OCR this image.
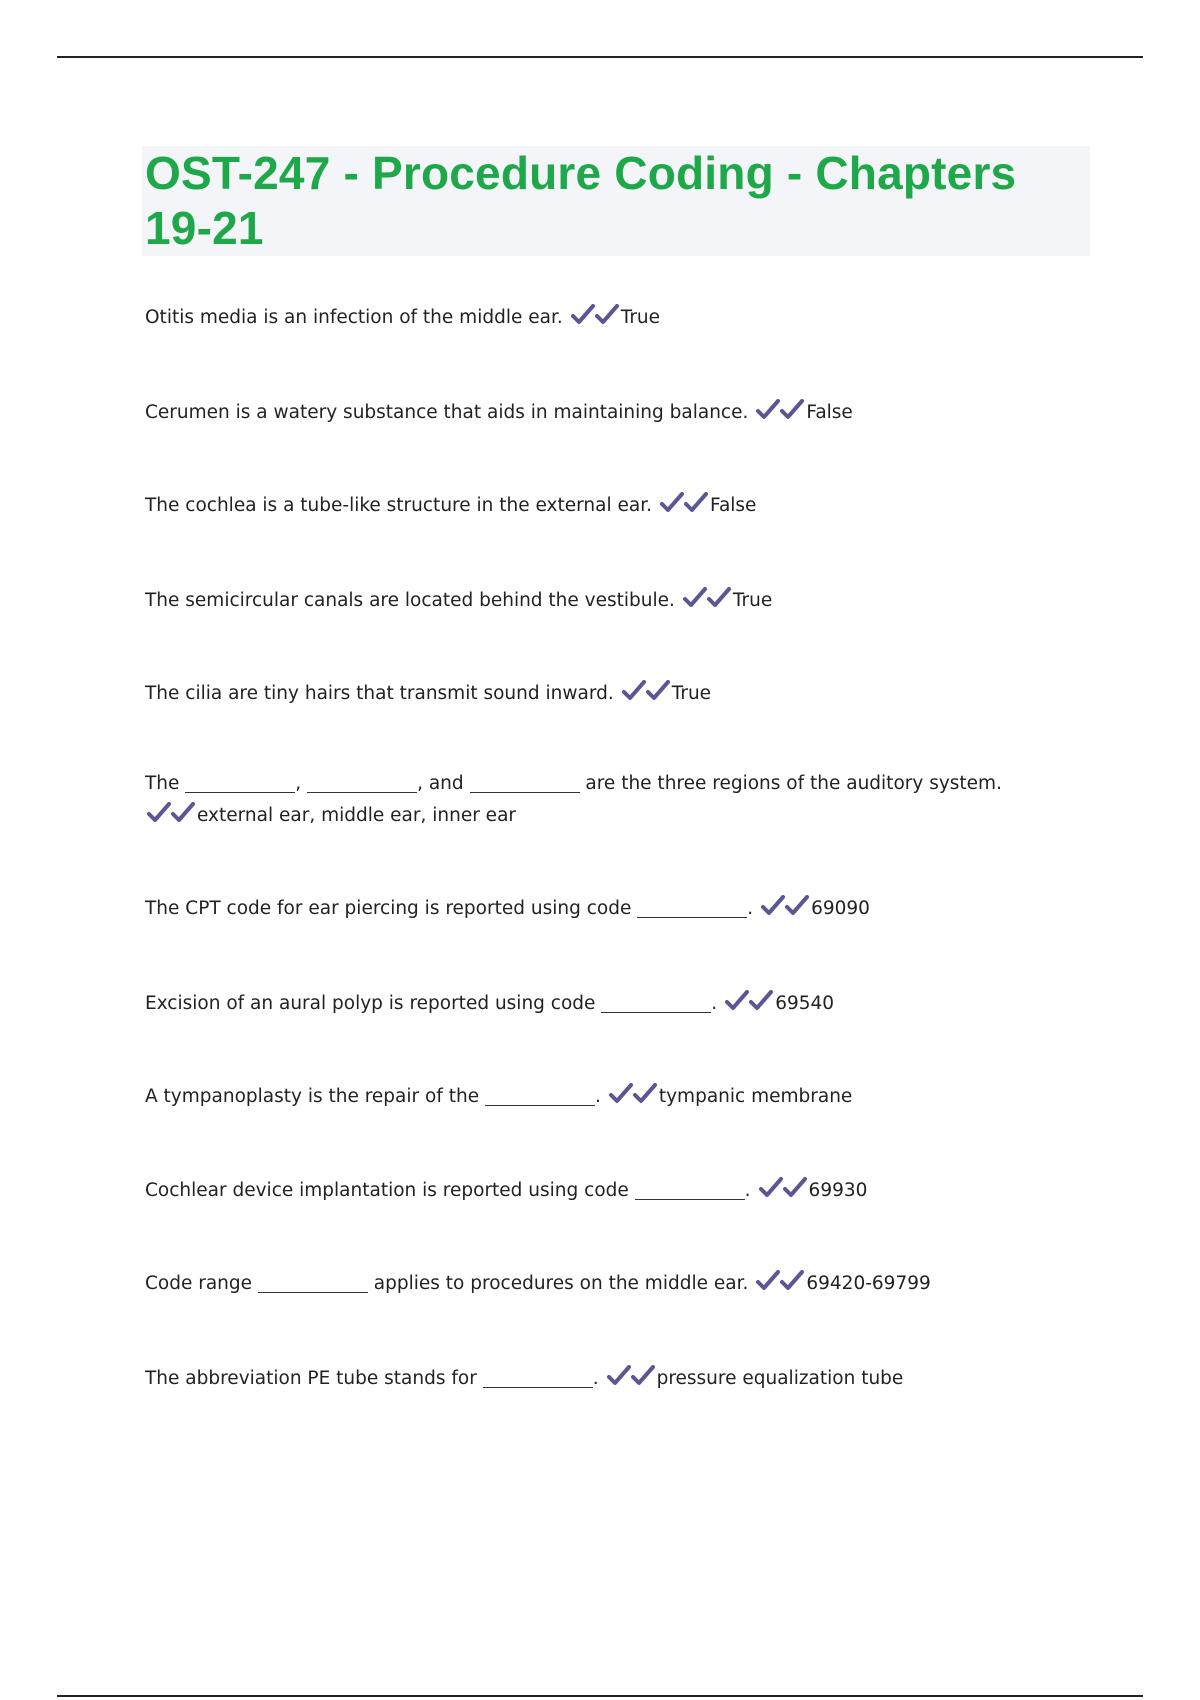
OST-247 - Procedure Coding - Chapters 19-21
Otitis media is an infection of the middle ear.	True
Cerumen is a watery substance that aids in maintaining balance.	False
The cochlea is a tube-like structure in the external ear.	False
The semicircular canals are located behind the vestibule.	True
The cilia are tiny hairs that transmit sound inward.	True
The	,	, and	are the three regions of the auditory system.
external ear, middle ear, inner ear
The CPT code for ear piercing is reported using code	.	69090
Excision of an aural polyp is reported using code	.	69540
A tympanoplasty is the repair of the	.	tympanic membrane
Cochlear device implantation is reported using code	.	69930
Code range	applies to procedures on the middle ear.	69420-69799
The abbreviation PE tube stands for	.	pressure equalization tube
